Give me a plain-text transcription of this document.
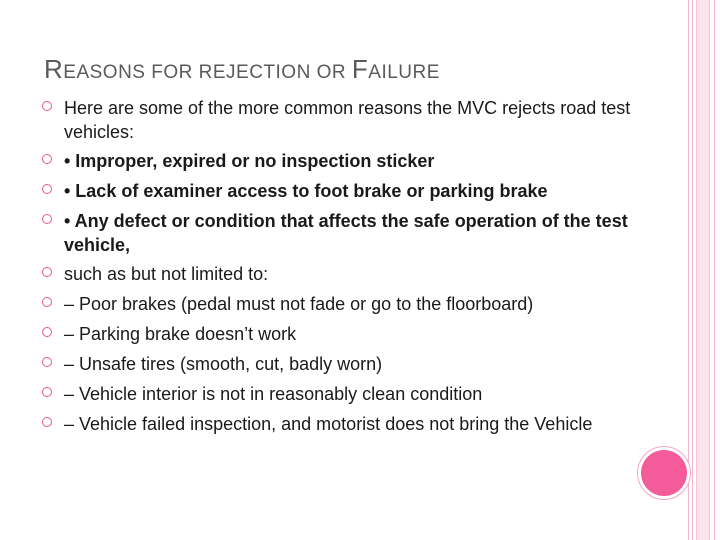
REASONS FOR REJECTION OR FAILURE
Here are some of the more common reasons the MVC rejects road test vehicles:
• Improper, expired or no inspection sticker
• Lack of examiner access to foot brake or parking brake
• Any defect or condition that affects the safe operation of the test vehicle,
such as but not limited to:
– Poor brakes (pedal must not fade or go to the floorboard)
– Parking brake doesn’t work
– Unsafe tires (smooth, cut, badly worn)
– Vehicle interior is not in reasonably clean condition
– Vehicle failed inspection, and motorist does not bring the Vehicle
